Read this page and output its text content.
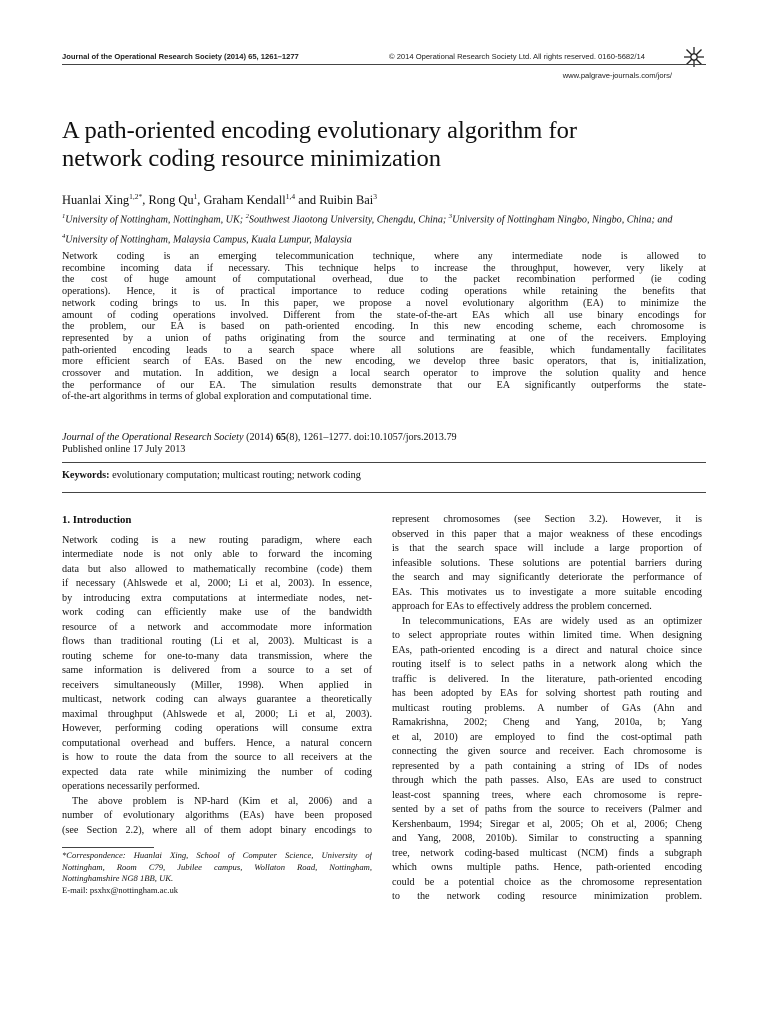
Journal of the Operational Research Society (2014) 65, 1261–1277	© 2014 Operational Research Society Ltd. All rights reserved. 0160-5682/14
www.palgrave-journals.com/jors/
A path-oriented encoding evolutionary algorithm for
network coding resource minimization
Huanlai Xing$^{1,2*}$, Rong Qu$^1$, Graham Kendall$^{1,4}$ and Ruibin Bai$^3$
$^1$University of Nottingham, Nottingham, UK; $^2$Southwest Jiaotong University, Chengdu, China; $^3$University of Nottingham Ningbo, Ningbo, China; and $^4$University of Nottingham, Malaysia Campus, Kuala Lumpur, Malaysia
Network coding is an emerging telecommunication technique, where any intermediate node is allowed to
recombine incoming data if necessary. This technique helps to increase the throughput, however, very likely at
the cost of huge amount of computational overhead, due to the packet recombination performed (ie coding
operations). Hence, it is of practical importance to reduce coding operations while retaining the benefits that
network coding brings to us. In this paper, we propose a novel evolutionary algorithm (EA) to minimize the
amount of coding operations involved. Different from the state-of-the-art EAs which all use binary encodings for
the problem, our EA is based on path-oriented encoding. In this new encoding scheme, each chromosome is
represented by a union of paths originating from the source and terminating at one of the receivers. Employing
path-oriented encoding leads to a search space where all solutions are feasible, which fundamentally facilitates
more efficient search of EAs. Based on the new encoding, we develop three basic operators, that is, initialization,
crossover and mutation. In addition, we design a local search operator to improve the solution quality and hence
the performance of our EA. The simulation results demonstrate that our EA significantly outperforms the state-
of-the-art algorithms in terms of global exploration and computational time.
Journal of the Operational Research Society (2014) 65(8), 1261–1277. doi:10.1057/jors.2013.79
Published online 17 July 2013
Keywords: evolutionary computation; multicast routing; network coding
1. Introduction
Network coding is a new routing paradigm, where each
intermediate node is not only able to forward the incoming
data but also allowed to mathematically recombine (code) them
if necessary (Ahlswede et al, 2000; Li et al, 2003). In essence,
by introducing extra computations at intermediate nodes, net-
work coding can efficiently make use of the bandwidth
resource of a network and accommodate more information
flows than traditional routing (Li et al, 2003). Multicast is a
routing scheme for one-to-many data transmission, where the
same information is delivered from a source to a set of
receivers simultaneously (Miller, 1998). When applied in
multicast, network coding can always guarantee a theoretically
maximal throughput (Ahlswede et al, 2000; Li et al, 2003).
However, performing coding operations will consume extra
computational overhead and buffers. Hence, a natural concern
is how to route the data from the source to all receivers at the
expected data rate while minimizing the number of coding
operations necessarily performed.
The above problem is NP-hard (Kim et al, 2006) and a
number of evolutionary algorithms (EAs) have been proposed
(see Section 2.2), where all of them adopt binary encodings to
represent chromosomes (see Section 3.2). However, it is
observed in this paper that a major weakness of these encodings
is that the search space will include a large proportion of
infeasible solutions. These solutions are potential barriers during
the search and may significantly deteriorate the performance of
EAs. This motivates us to investigate a more suitable encoding
approach for EAs to effectively address the problem concerned.
In telecommunications, EAs are widely used as an optimizer
to select appropriate routes within limited time. When designing
EAs, path-oriented encoding is a direct and natural choice since
routing itself is to select paths in a network along which the
traffic is delivered. In the literature, path-oriented encoding
has been adopted by EAs for solving shortest path routing and
multicast routing problems. A number of GAs (Ahn and
Ramakrishna, 2002; Cheng and Yang, 2010a, b; Yang
et al, 2010) are employed to find the cost-optimal path
connecting the given source and receiver. Each chromosome is
represented by a path containing a string of IDs of nodes
through which the path passes. Also, EAs are used to construct
least-cost spanning trees, where each chromosome is repre-
sented by a set of paths from the source to receivers (Palmer and
Kershenbaum, 1994; Siregar et al, 2005; Oh et al, 2006; Cheng
and Yang, 2008, 2010b). Similar to constructing a spanning
tree, network coding-based multicast (NCM) finds a subgraph
which owns multiple paths. Hence, path-oriented encoding
could be a potential choice as the chromosome representation
to the network coding resource minimization problem.
*Correspondence: Huanlai Xing, School of Computer Science, University of
Nottingham, Room C79, Jubilee campus, Wollaton Road, Nottingham,
Nottinghamshire NG8 1BB, UK.
E-mail: psxhx@nottingham.ac.uk
